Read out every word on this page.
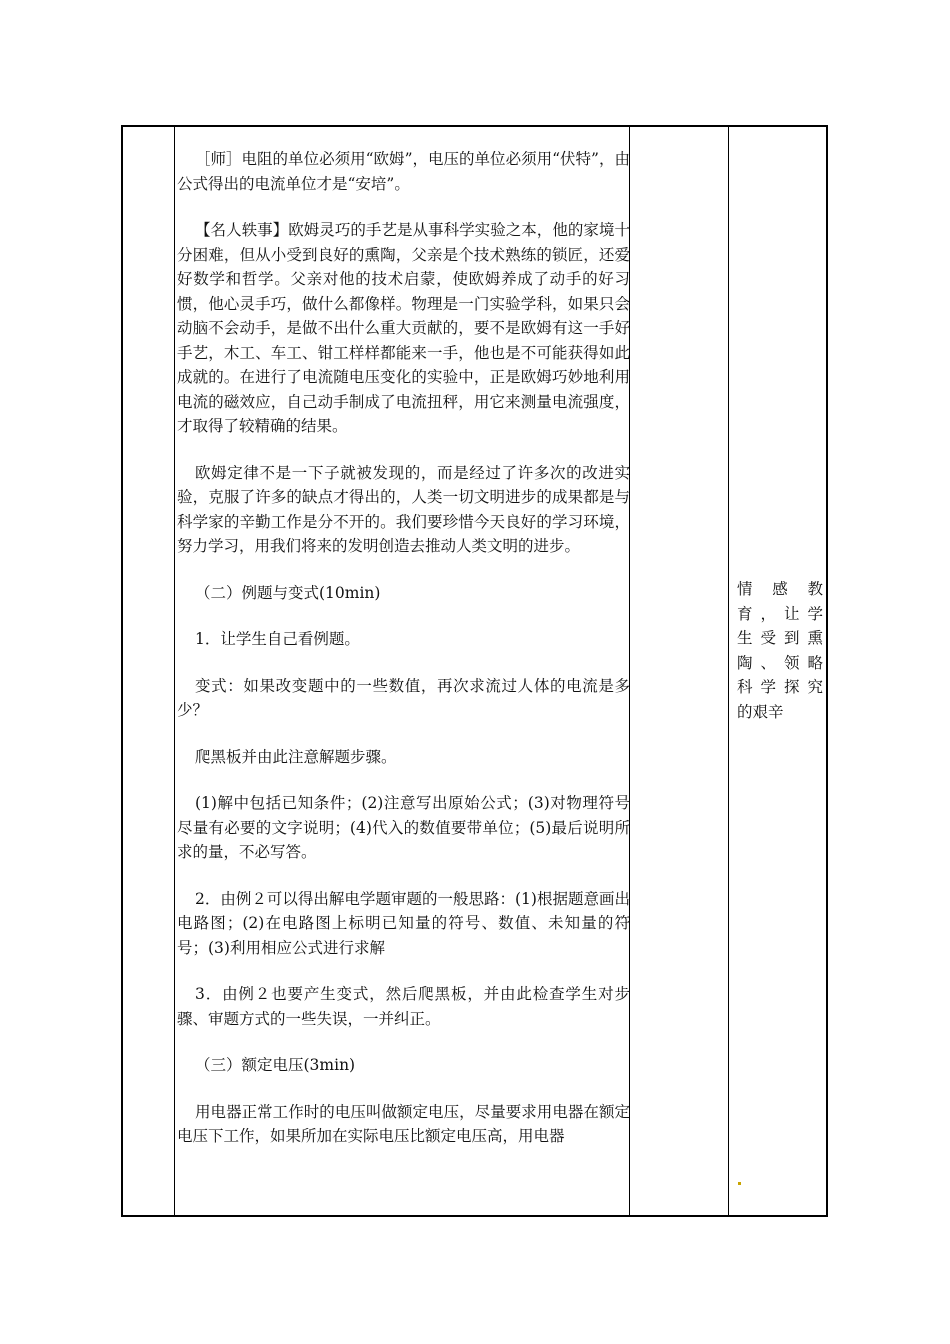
［师］电阻的单位必须用“欧姆”，电压的单位必须用“伏特”，由公式得出的电流单位才是“安培”。

【名人轶事】欧姆灵巧的手艺是从事科学实验之本，他的家境十分困难，但从小受到良好的熏陶，父亲是个技术熟练的锁匠，还爱好数学和哲学。父亲对他的技术启蒙，使欧姆养成了动手的好习惯，他心灵手巧，做什么都像样。物理是一门实验学科，如果只会动脑不会动手，是做不出什么重大贡献的，要不是欧姆有这一手好手艺，木工、车工、钳工样样都能来一手，他也是不可能获得如此成就的。在进行了电流随电压变化的实验中，正是欧姆巧妙地利用电流的磁效应，自己动手制成了电流扭秤，用它来测量电流强度，才取得了较精确的结果。

欧姆定律不是一下子就被发现的，而是经过了许多次的改进实验，克服了许多的缺点才得出的，人类一切文明进步的成果都是与科学家的辛勤工作是分不开的。我们要珍惜今天良好的学习环境，努力学习，用我们将来的发明创造去推动人类文明的进步。

（二）例题与变式(10min)

1．让学生自己看例题。

变式：如果改变题中的一些数值，再次求流过人体的电流是多少？

爬黑板并由此注意解题步骤。

(1)解中包括已知条件；(2)注意写出原始公式；(3)对物理符号尽量有必要的文字说明；(4)代入的数值要带单位；(5)最后说明所求的量，不必写答。

2．由例２可以得出解电学题审题的一般思路：(1)根据题意画出电路图；(2)在电路图上标明已知量的符号、数值、未知量的符号；(3)利用相应公式进行求解

3．由例２也要产生变式，然后爬黑板，并由此检查学生对步骤、审题方式的一些失误，一并纠正。

（三）额定电压(3min)

用电器正常工作时的电压叫做额定电压，尽量要求用电器在额定电压下工作，如果所加在实际电压比额定电压高，用电器

情感教

育，让学

生受到熏

陶、领略

科学探究

的艰辛
